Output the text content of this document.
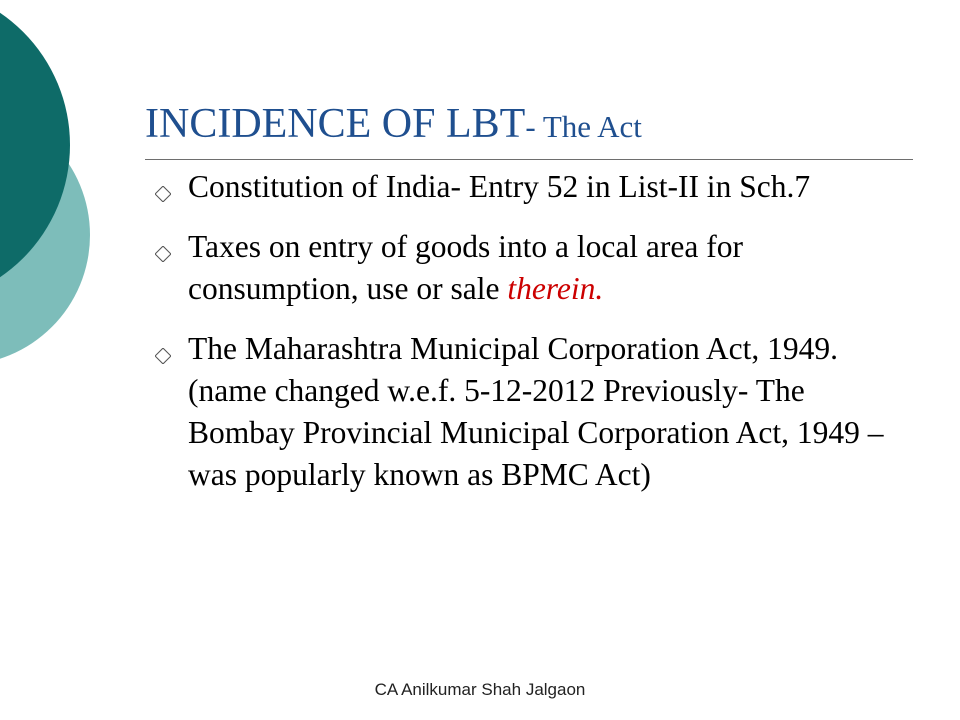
INCIDENCE OF LBT- The Act
Constitution of India- Entry 52 in List-II in Sch.7
Taxes on entry of goods into a local area for consumption, use or sale therein.
The Maharashtra Municipal Corporation Act, 1949. (name changed w.e.f. 5-12-2012 Previously- The Bombay Provincial Municipal Corporation Act, 1949 –was popularly known as BPMC Act)
CA Anilkumar Shah Jalgaon
